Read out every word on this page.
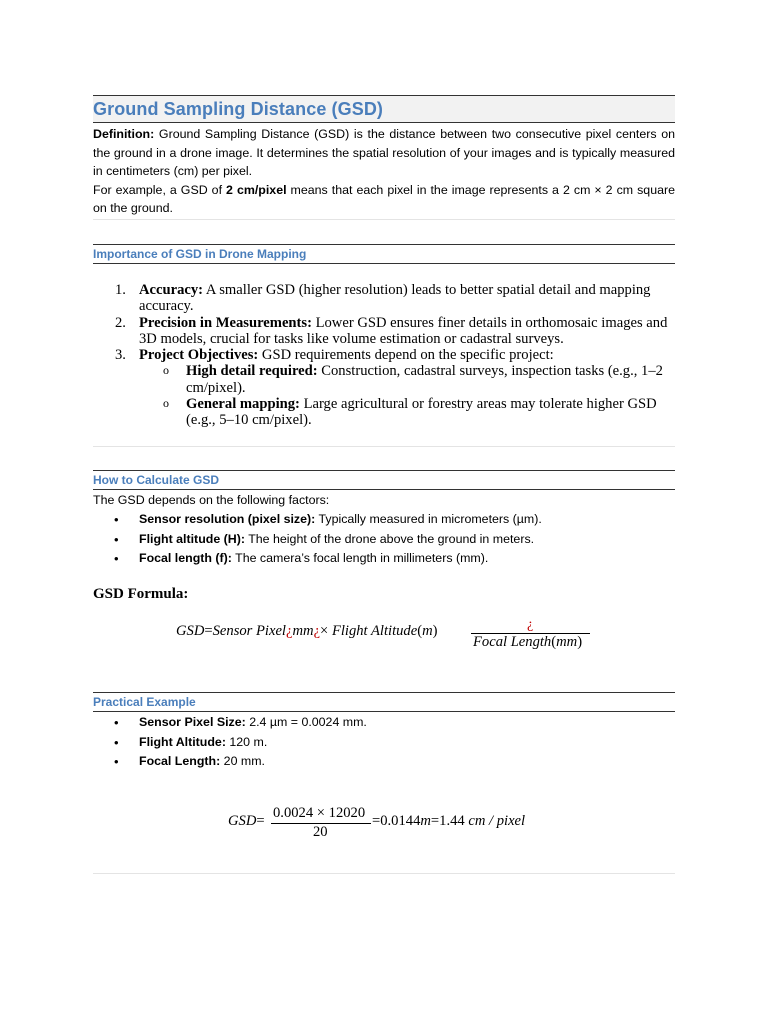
Ground Sampling Distance (GSD)

Definition: Ground Sampling Distance (GSD) is the distance between two consecutive pixel centers on the ground in a drone image. It determines the spatial resolution of your images and is typically measured in centimeters (cm) per pixel.

For example, a GSD of 2 cm/pixel means that each pixel in the image represents a 2 cm × 2 cm square on the ground.

Importance of GSD in Drone Mapping
1. Accuracy: A smaller GSD (higher resolution) leads to better spatial detail and mapping accuracy.
2. Precision in Measurements: Lower GSD ensures finer details in orthomosaic images and 3D models, crucial for tasks like volume estimation or cadastral surveys.
3. Project Objectives: GSD requirements depend on the specific project:
o High detail required: Construction, cadastral surveys, inspection tasks (e.g., 1–2 cm/pixel).
o General mapping: Large agricultural or forestry areas may tolerate higher GSD (e.g., 5–10 cm/pixel).
How to Calculate GSD
The GSD depends on the following factors:
• Sensor resolution (pixel size): Typically measured in micrometers (µm).
• Flight altitude (H): The height of the drone above the ground in meters.
• Focal length (f): The camera’s focal length in millimeters (mm).
GSD Formula:
GSD=Sensor Pixel¿mm¿× Flight Altitude(m)	¿
Focal Length(mm)
Practical Example
• Sensor Pixel Size: 2.4 µm = 0.0024 mm.
• Flight Altitude: 120 m.
• Focal Length: 20 mm.
GSD= 0.0024 × 12020
20
=0.0144m=1.44 cm / pixel
